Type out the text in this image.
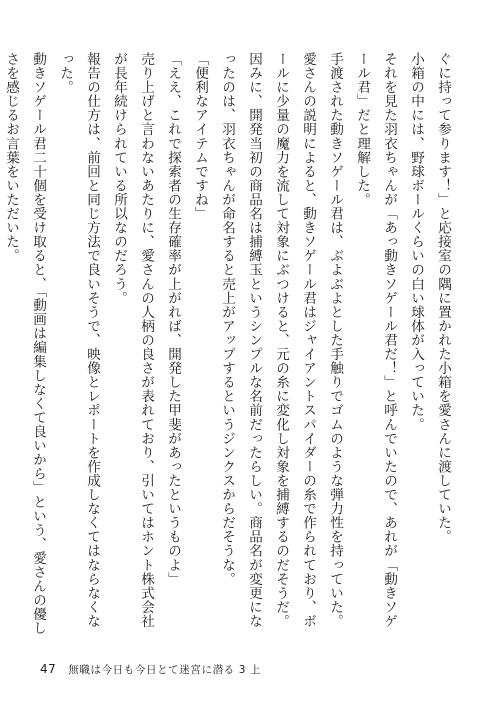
ぐに持って参ります！」と応接室の隅に置かれた小箱を愛さんに渡していた。

小箱の中には、野球ボールくらいの白い球体が入っていた。

それを見た羽衣ちゃんが「あっ動きソゲール君だ！」と呼んでいたので、あれが「動きソゲール君」だと理解した。

手渡された動きソゲール君は、ぶよぶよとした手触りでゴムのような弾力性を持っていた。

愛さんの説明によると、動きソゲール君はジャイアントスパイダーの糸で作られており、ボールに少量の魔力を流して対象にぶつけると、元の糸に変化し対象を捕縛するのだそうだ。

因みに、開発当初の商品名は捕縛玉というシンプルな名前だったらしい。商品名が変更になったのは、羽衣ちゃんが命名すると売上がアップするというジンクスからだそうな。

「便利なアイテムですね」

「ええ、これで探索者の生存確率が上がれば、開発した甲斐があったというものよ」

売り上げと言わないあたりに、愛さんの人柄の良さが表れており、引いてはホント株式会社が長年続けられている所以なのだろう。

報告の仕方は、前回と同じ方法で良いそうで、映像とレポートを作成しなくてはならなくなった。

動きソゲール君二十個を受け取ると、「動画は編集しなくて良いから」という、愛さんの優しさを感じるお言葉をいただいた。

47 無職は今日も今日とて迷宮に潜る 3 上
